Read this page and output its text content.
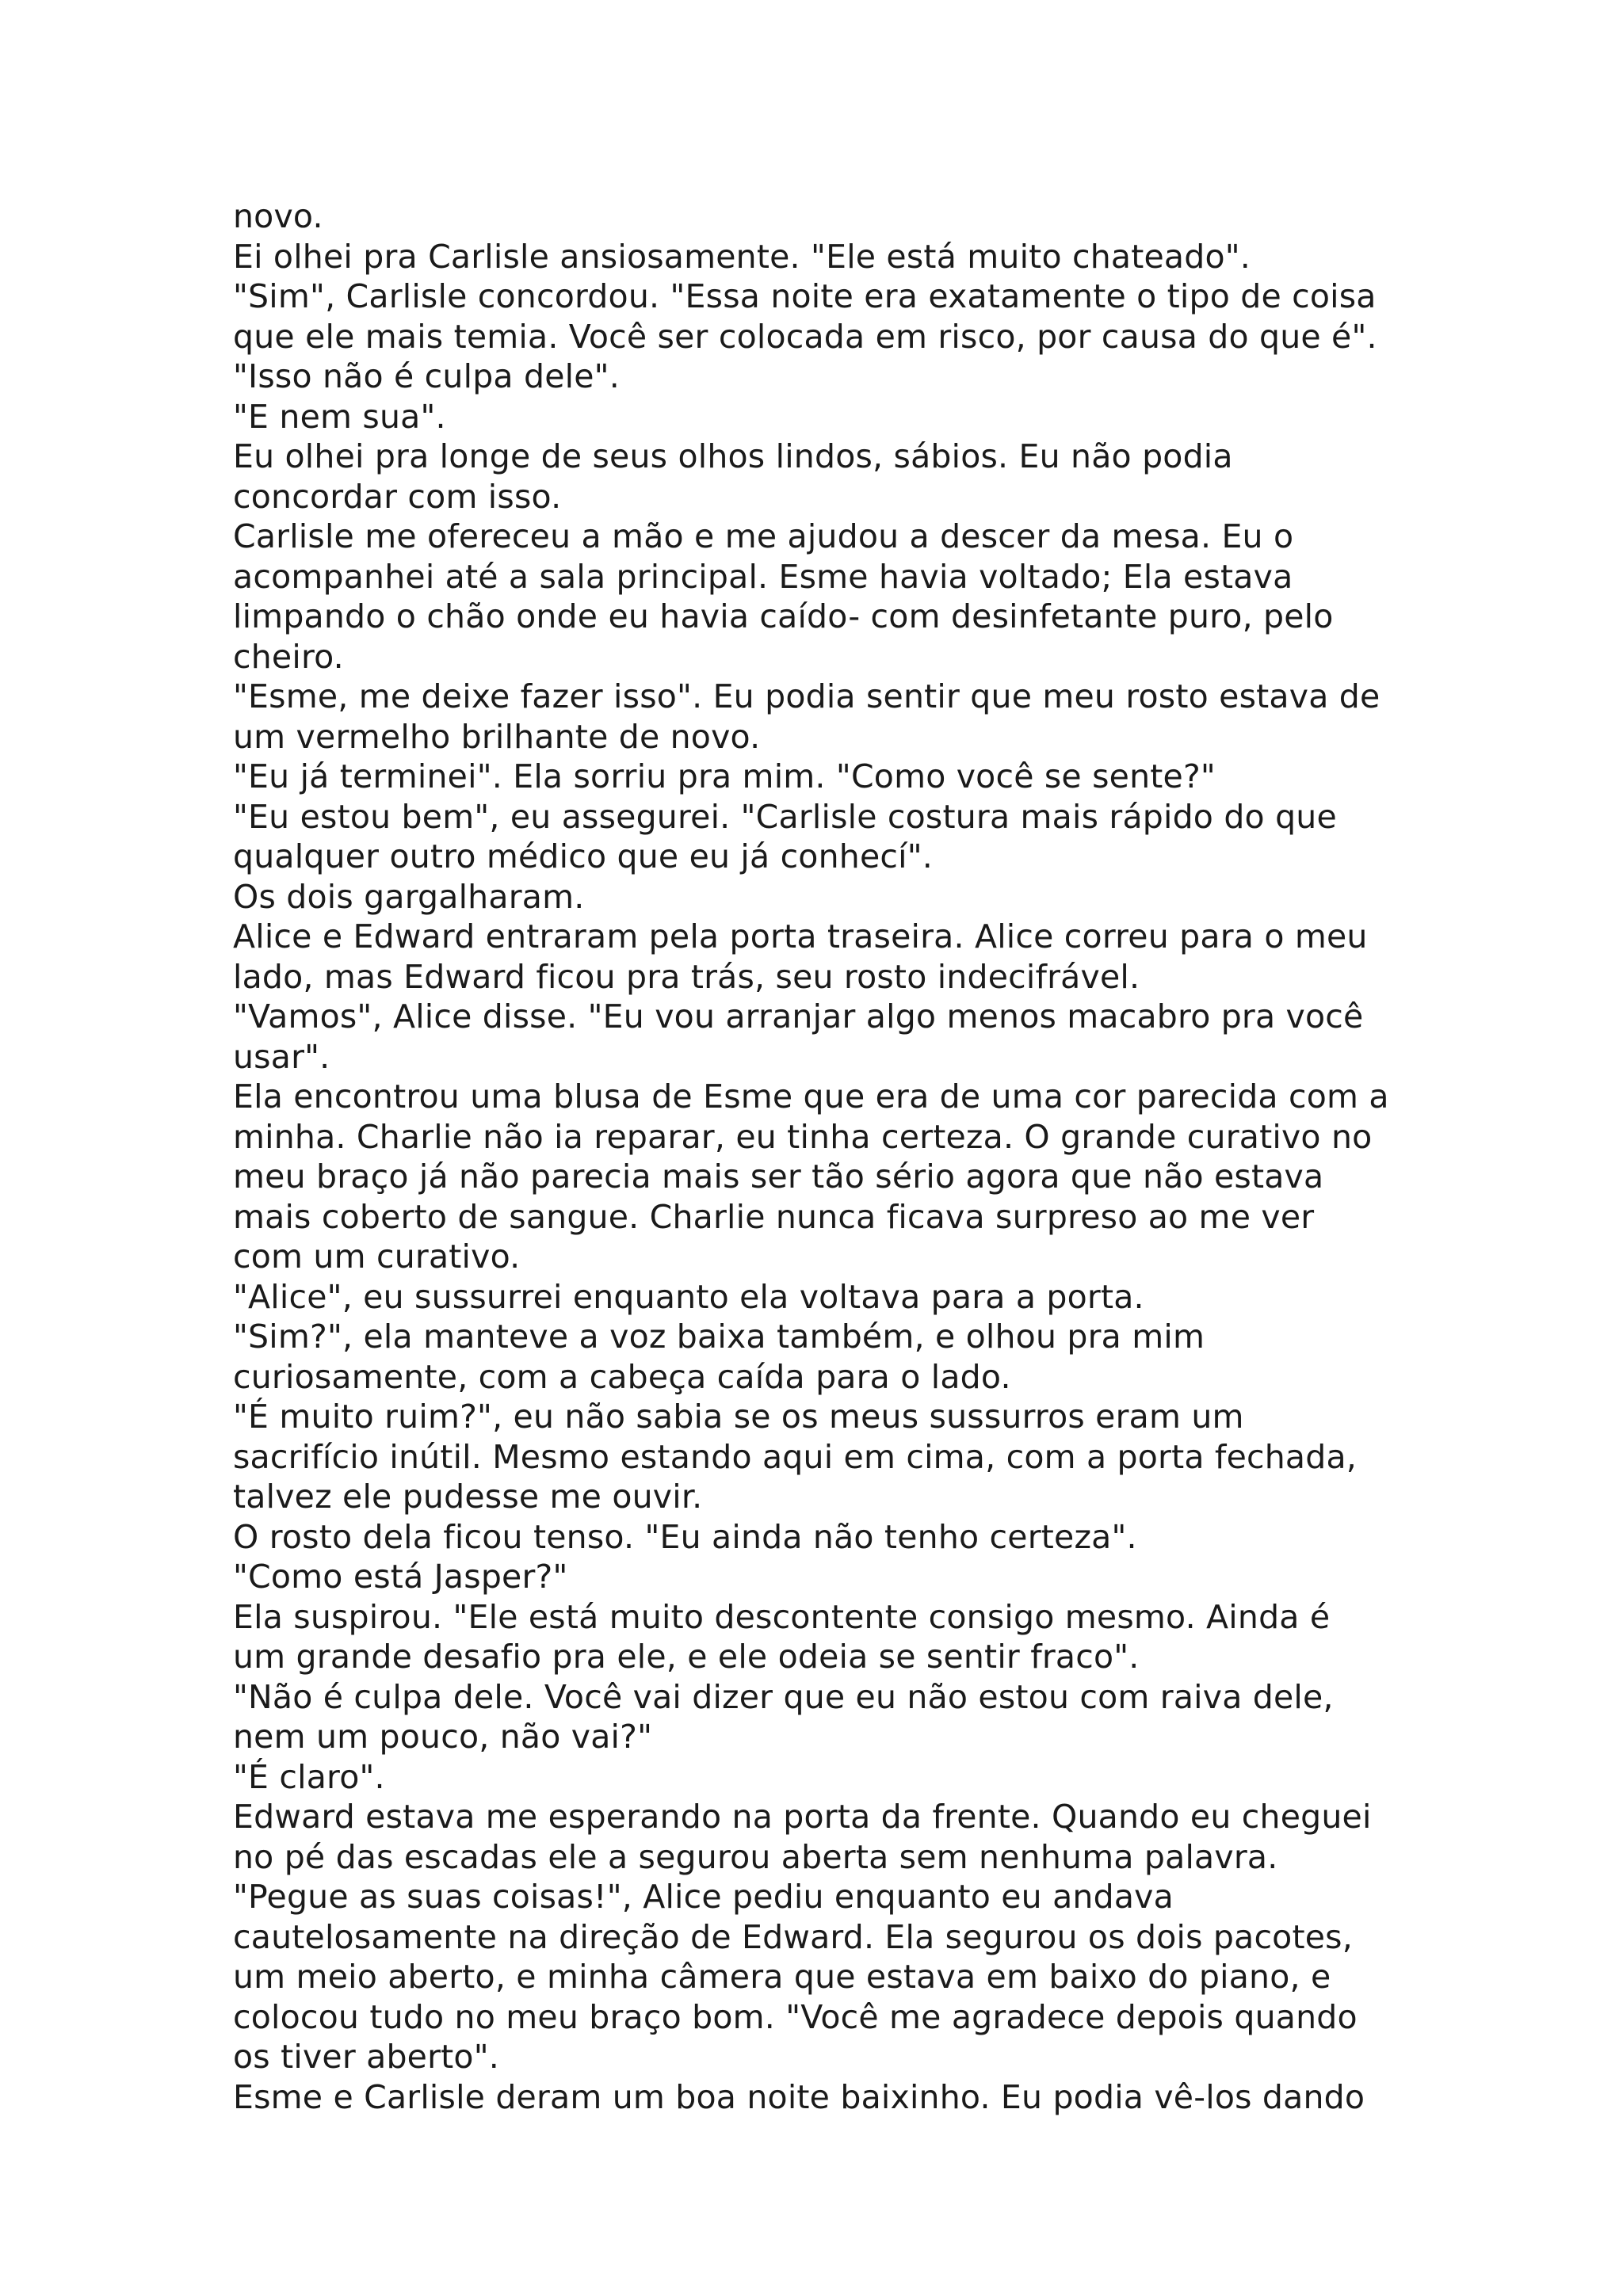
novo.
Ei olhei pra Carlisle ansiosamente. "Ele está muito chateado".
"Sim", Carlisle concordou. "Essa noite era exatamente o tipo de coisa
que ele mais temia. Você ser colocada em risco, por causa do que é".
"Isso não é culpa dele".
"E nem sua".
Eu olhei pra longe de seus olhos lindos, sábios. Eu não podia
concordar com isso.
Carlisle me ofereceu a mão e me ajudou a descer da mesa. Eu o
acompanhei até a sala principal. Esme havia voltado; Ela estava
limpando o chão onde eu havia caído- com desinfetante puro, pelo
cheiro.
"Esme, me deixe fazer isso". Eu podia sentir que meu rosto estava de
um vermelho brilhante de novo.
"Eu já terminei". Ela sorriu pra mim. "Como você se sente?"
"Eu estou bem", eu assegurei. "Carlisle costura mais rápido do que
qualquer outro médico que eu já conhecí".
Os dois gargalharam.
Alice e Edward entraram pela porta traseira. Alice correu para o meu
lado, mas Edward ficou pra trás, seu rosto indecifrável.
"Vamos", Alice disse. "Eu vou arranjar algo menos macabro pra você
usar".
Ela encontrou uma blusa de Esme que era de uma cor parecida com a
minha. Charlie não ia reparar, eu tinha certeza. O grande curativo no
meu braço já não parecia mais ser tão sério agora que não estava
mais coberto de sangue. Charlie nunca ficava surpreso ao me ver
com um curativo.
"Alice", eu sussurrei enquanto ela voltava para a porta.
"Sim?", ela manteve a voz baixa também, e olhou pra mim
curiosamente, com a cabeça caída para o lado.
"É muito ruim?", eu não sabia se os meus sussurros eram um
sacrifício inútil. Mesmo estando aqui em cima, com a porta fechada,
talvez ele pudesse me ouvir.
O rosto dela ficou tenso. "Eu ainda não tenho certeza".
"Como está Jasper?"
Ela suspirou. "Ele está muito descontente consigo mesmo. Ainda é
um grande desafio pra ele, e ele odeia se sentir fraco".
"Não é culpa dele. Você vai dizer que eu não estou com raiva dele,
nem um pouco, não vai?"
"É claro".
Edward estava me esperando na porta da frente. Quando eu cheguei
no pé das escadas ele a segurou aberta sem nenhuma palavra.
"Pegue as suas coisas!", Alice pediu enquanto eu andava
cautelosamente na direção de Edward. Ela segurou os dois pacotes,
um meio aberto, e minha câmera que estava em baixo do piano, e
colocou tudo no meu braço bom. "Você me agradece depois quando
os tiver aberto".
Esme e Carlisle deram um boa noite baixinho. Eu podia vê-los dando
